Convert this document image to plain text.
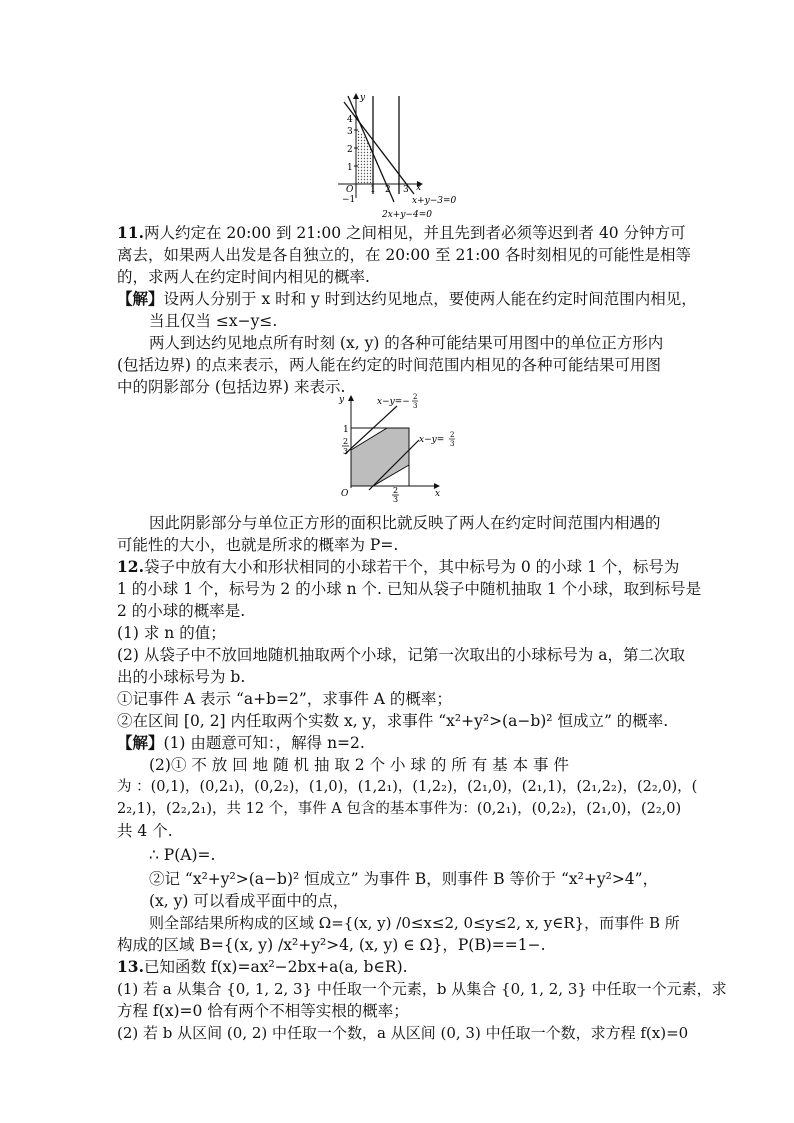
y
x
O
4
3
2
1
−1
1 2 3
x+y−3=0
2x+y−4=0
11.两人约定在 20:00 到 21:00 之间相见，并且先到者必须等迟到者 40 分钟方可
离去，如果两人出发是各自独立的，在 20:00 至 21:00 各时刻相见的可能性是相等
的，求两人在约定时间内相见的概率.
【解】设两人分别于 x 时和 y 时到达约见地点，要使两人能在约定时间范围内相见，
当且仅当 ≤x−y≤.
两人到达约见地点所有时刻 (x, y) 的各种可能结果可用图中的单位正方形内
(包括边界) 的点来表示，两人能在约定的时间范围内相见的各种可能结果可用图
中的阴影部分 (包括边界) 来表示.
y
x
O
1
2
3
2
3
x−y=− 2
3
x−y= 2
3
因此阴影部分与单位正方形的面积比就反映了两人在约定时间范围内相遇的
可能性的大小，也就是所求的概率为 P=.
12.袋子中放有大小和形状相同的小球若干个，其中标号为 0 的小球 1 个，标号为
1 的小球 1 个，标号为 2 的小球 n 个. 已知从袋子中随机抽取 1 个小球，取到标号是
2 的小球的概率是.
(1) 求 n 的值；
(2) 从袋子中不放回地随机抽取两个小球，记第一次取出的小球标号为 a，第二次取
出的小球标号为 b.
①记事件 A 表示 “a+b=2”，求事件 A 的概率；
②在区间 [0, 2] 内任取两个实数 x, y，求事件 “x²+y²>(a−b)² 恒成立” 的概率.
【解】(1) 由题意可知：，解得 n=2.
(2)① 不 放 回 地 随 机 抽 取 2 个 小 球 的 所 有 基 本 事 件
为 ：(0,1)，(0,2₁)，(0,2₂)，(1,0)，(1,2₁)，(1,2₂)，(2₁,0)，(2₁,1)，(2₁,2₂)，(2₂,0)，(
2₂,1)，(2₂,2₁)，共 12 个，事件 A 包含的基本事件为：(0,2₁)，(0,2₂)，(2₁,0)，(2₂,0)
共 4 个.
∴ P(A)=.
②记 “x²+y²>(a−b)² 恒成立” 为事件 B，则事件 B 等价于 “x²+y²>4”，
(x, y) 可以看成平面中的点，
则全部结果所构成的区域 Ω={(x, y) /0≤x≤2, 0≤y≤2, x, y∈R}，而事件 B 所
构成的区域 B={(x, y) /x²+y²>4, (x, y) ∈ Ω}，P(B)==1−.
13.已知函数 f(x)=ax²−2bx+a(a, b∈R).
(1) 若 a 从集合 {0, 1, 2, 3} 中任取一个元素，b 从集合 {0, 1, 2, 3} 中任取一个元素，求
方程 f(x)=0 恰有两个不相等实根的概率；
(2) 若 b 从区间 (0, 2) 中任取一个数，a 从区间 (0, 3) 中任取一个数，求方程 f(x)=0
